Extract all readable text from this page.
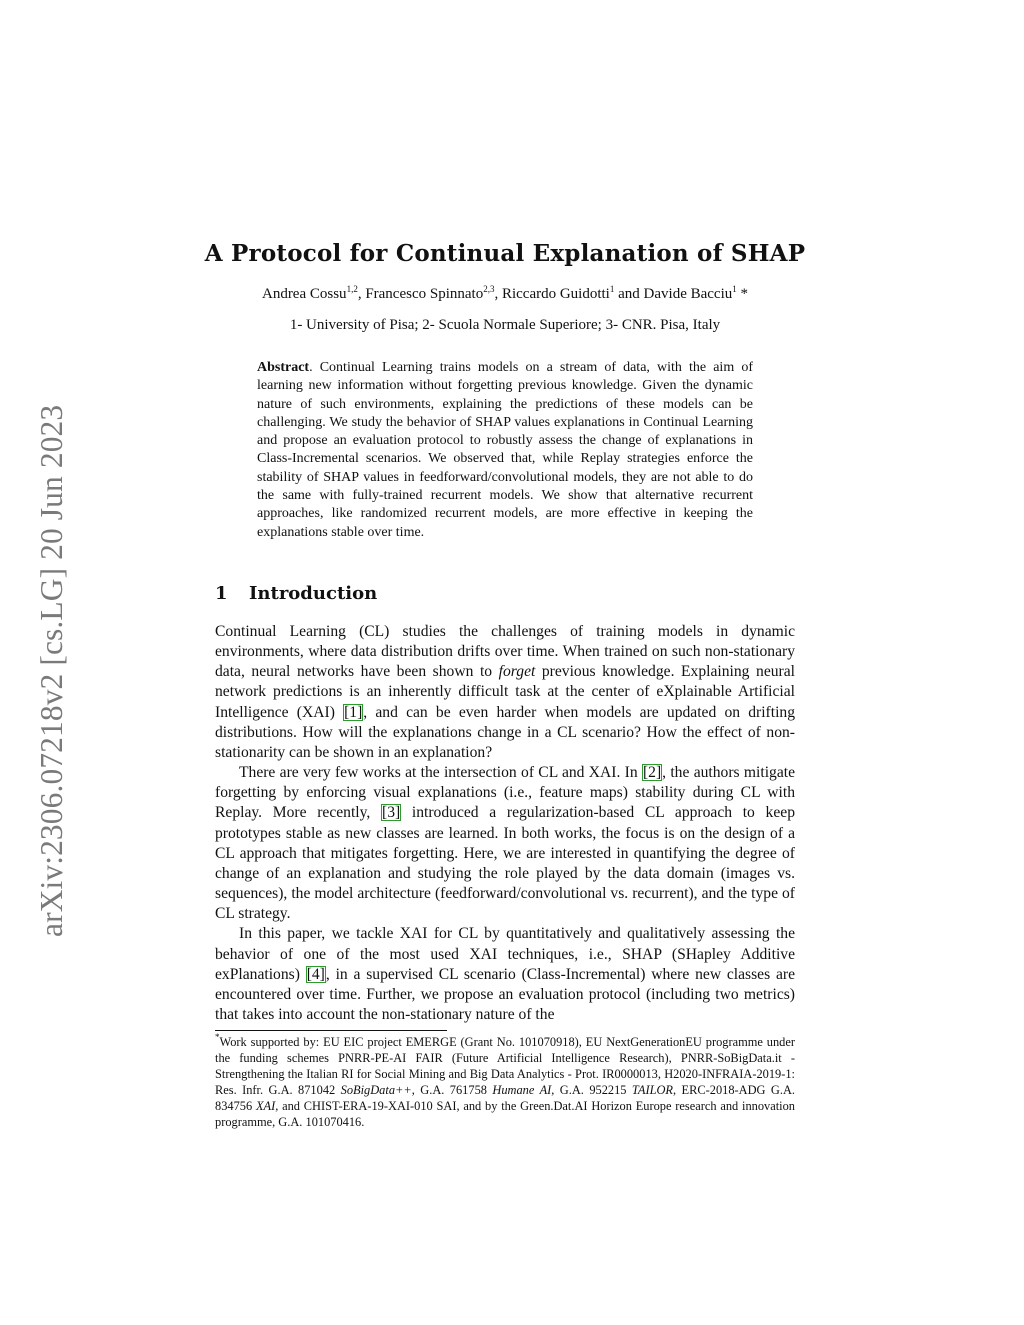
arXiv:2306.07218v2 [cs.LG] 20 Jun 2023
A Protocol for Continual Explanation of SHAP
Andrea Cossu$^{1,2}$, Francesco Spinnato$^{2,3}$, Riccardo Guidotti$^1$ and Davide Bacciu$^1$ *
1- University of Pisa; 2- Scuola Normale Superiore; 3- CNR. Pisa, Italy

Abstract. Continual Learning trains models on a stream of data, with the aim of learning new information without forgetting previous knowledge. Given the dynamic nature of such environments, explaining the predictions of these models can be challenging. We study the behavior of SHAP values explanations in Continual Learning and propose an evaluation protocol to robustly assess the change of explanations in Class-Incremental scenarios. We observed that, while Replay strategies enforce the stability of SHAP values in feedforward/convolutional models, they are not able to do the same with fully-trained recurrent models. We show that alternative recurrent approaches, like randomized recurrent models, are more effective in keeping the explanations stable over time.

1 Introduction

Continual Learning (CL) studies the challenges of training models in dynamic environments, where data distribution drifts over time. When trained on such non-stationary data, neural networks have been shown to forget previous knowledge. Explaining neural network predictions is an inherently difficult task at the center of eXplainable Artificial Intelligence (XAI) [1], and can be even harder when models are updated on drifting distributions. How will the explanations change in a CL scenario? How the effect of non-stationarity can be shown in an explanation?

There are very few works at the intersection of CL and XAI. In [2], the authors mitigate forgetting by enforcing visual explanations (i.e., feature maps) stability during CL with Replay. More recently, [3] introduced a regularization-based CL approach to keep prototypes stable as new classes are learned. In both works, the focus is on the design of a CL approach that mitigates forgetting. Here, we are interested in quantifying the degree of change of an explanation and studying the role played by the data domain (images vs. sequences), the model architecture (feedforward/convolutional vs. recurrent), and the type of CL strategy.

In this paper, we tackle XAI for CL by quantitatively and qualitatively assessing the behavior of one of the most used XAI techniques, i.e., SHAP (SHapley Additive exPlanations) [4], in a supervised CL scenario (Class-Incremental) where new classes are encountered over time. Further, we propose an evaluation protocol (including two metrics) that takes into account the non-stationary nature of the

*Work supported by: EU EIC project EMERGE (Grant No. 101070918), EU NextGenerationEU programme under the funding schemes PNRR-PE-AI FAIR (Future Artificial Intelligence Research), PNRR-SoBigData.it - Strengthening the Italian RI for Social Mining and Big Data Analytics - Prot. IR0000013, H2020-INFRAIA-2019-1: Res. Infr. G.A. 871042 SoBigData++, G.A. 761758 Humane AI, G.A. 952215 TAILOR, ERC-2018-ADG G.A. 834756 XAI, and CHIST-ERA-19-XAI-010 SAI, and by the Green.Dat.AI Horizon Europe research and innovation programme, G.A. 101070416.
